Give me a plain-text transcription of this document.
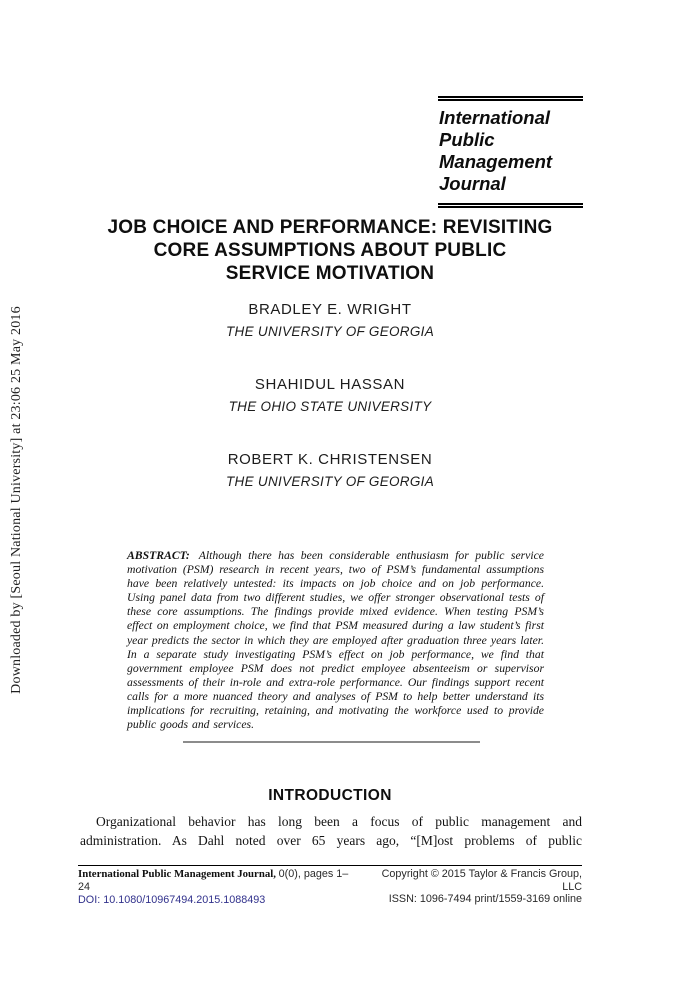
Downloaded by [Seoul National University] at 23:06 25 May 2016
International
Public
Management
Journal
JOB CHOICE AND PERFORMANCE: REVISITING
CORE ASSUMPTIONS ABOUT PUBLIC
SERVICE MOTIVATION
BRADLEY E. WRIGHT
THE UNIVERSITY OF GEORGIA
SHAHIDUL HASSAN
THE OHIO STATE UNIVERSITY
ROBERT K. CHRISTENSEN
THE UNIVERSITY OF GEORGIA
ABSTRACT: Although there has been considerable enthusiasm for public service motivation (PSM) research in recent years, two of PSM’s fundamental assumptions have been relatively untested: its impacts on job choice and on job performance. Using panel data from two different studies, we offer stronger observational tests of these core assumptions. The findings provide mixed evidence. When testing PSM’s effect on employment choice, we find that PSM measured during a law student’s first year predicts the sector in which they are employed after graduation three years later. In a separate study investigating PSM’s effect on job performance, we find that government employee PSM does not predict employee absenteeism or supervisor assessments of their in-role and extra-role performance. Our findings support recent calls for a more nuanced theory and analyses of PSM to help better understand its implications for recruiting, retaining, and motivating the workforce used to provide public goods and services.
INTRODUCTION
Organizational behavior has long been a focus of public management and
administration. As Dahl noted over 65 years ago, “[M]ost problems of public
International Public Management Journal, 0(0), pages 1–24
DOI: 10.1080/10967494.2015.1088493
Copyright © 2015 Taylor & Francis Group, LLC
ISSN: 1096-7494 print/1559-3169 online
